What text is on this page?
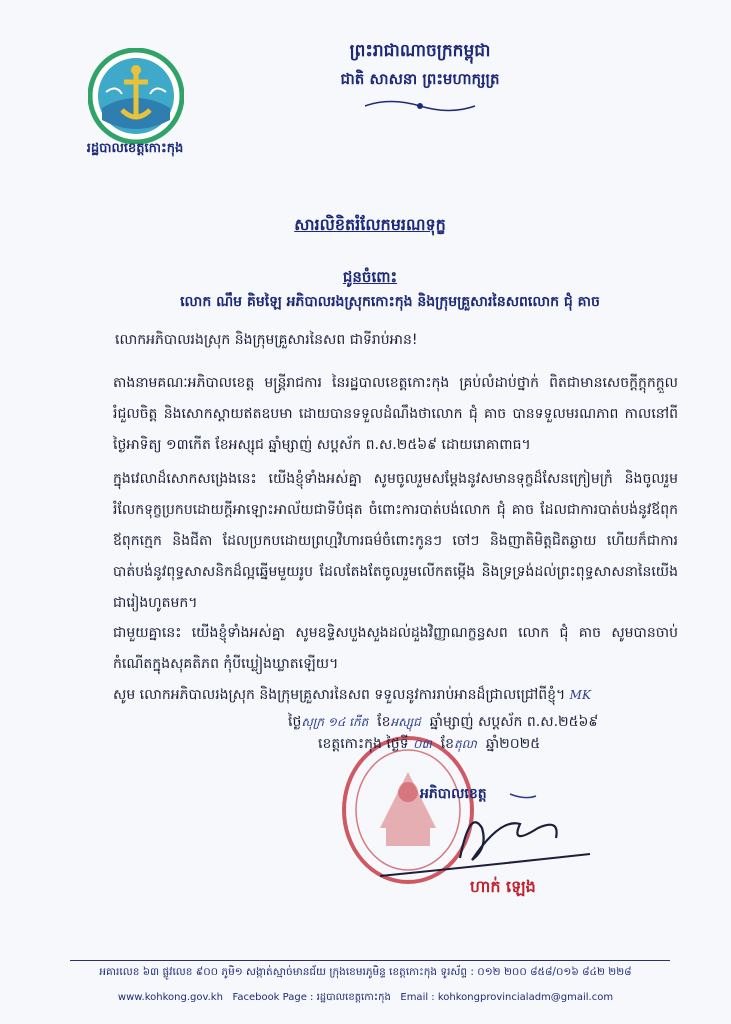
រដ្ឋបាលខេត្តកោះកុង
ព្រះរាជាណាចក្រកម្ពុជា
ជាតិ សាសនា ព្រះមហាក្សត្រ
សារលិខិតរំលែកមរណទុក្ខ
ជូនចំពោះ
លោក ណឹម គិមឡៃ អភិបាលរងស្រុកកោះកុង និងក្រុមគ្រួសារនៃសពលោក ជុំ គាច
លោកអភិបាលរងស្រុក និងក្រុមគ្រួសារនៃសព ជាទីរាប់អាន!
តាងនាមគណៈអភិបាលខេត្ត មន្រ្តីរាជការ នៃរដ្ឋបាលខេត្តកោះកុង គ្រប់លំដាប់ថ្នាក់ ពិតជាមានសេចក្តីក្តុកក្តួលរំជួលចិត្ត និងសោកស្តាយឥតឧបមា ដោយបានទទួលដំណឹងថាលោក ជុំ គាច បានទទួលមរណភាព កាលនៅពីថ្ងៃអាទិត្យ ១៣កើត ខែអស្សុជ ឆ្នាំម្សាញ់ សប្តស័ក ព.ស.២៥៦៩ ដោយរោគាពាធ។
ក្នុងវេលាដ៏សោកសង្រេងនេះ យើងខ្ញុំទាំងអស់គ្នា សូមចូលរួមសម្តែងនូវសមានទុក្ខដ៏សែនក្រៀមក្រំ និងចូលរួមរំលែកទុក្ខប្រកបដោយក្តីអាឡោះអាល័យជាទីបំផុត ចំពោះការបាត់បង់លោក ជុំ គាច ដែលជាការបាត់បង់នូវឪពុក ឪពុកក្មេក និងជីតា ដែលប្រកបដោយព្រហ្មវិហារធម៌ចំពោះកូនៗ ចៅៗ និងញាតិមិត្តជិតឆ្ងាយ ហើយក៏ជាការបាត់បង់នូវពុទ្ធសាសនិកដ៏ល្អឆ្នើមមួយរូប ដែលតែងតែចូលរួមលើកតម្កើង និងទ្រទ្រង់ដល់ព្រះពុទ្ធសាសនានៃយើងជារៀងហូតមក។
ជាមួយគ្នានេះ យើងខ្ញុំទាំងអស់គ្នា សូមឧទ្ទិសបួងសួងដល់ដួងវិញ្ញាណក្ខន្ធសព លោក ជុំ គាច សូមបានចាប់កំណើតក្នុងសុគតិភព កុំបីឃ្លៀងឃ្លាតឡើយ។
សូម លោកអភិបាលរងស្រុក និងក្រុមគ្រួសារនៃសព ទទួលនូវការរាប់អានដ៏ជ្រាលជ្រៅពីខ្ញុំ។ ΜΚ
ថ្ងៃសុក្រ ១៤ កើត ខែអស្សុជ ឆ្នាំម្សាញ់ សប្តស័ក ព.ស.២៥៦៩
ខេត្តកោះកុង ថ្ងៃទី ០៣ ខែតុលា ឆ្នាំ២០២៥
អភិបាលខេត្ត
ហាក់ ឡេង
អគារលេខ ៦៣ ផ្លូវលេខ ៩០០ ភូមិ១ សង្កាត់ស្មាច់មានជ័យ ក្រុងខេមរភូមិន្ទ ខេត្តកោះកុង ទូរស័ព្ទ : ០១២ ២០០ ៨៥៨/០១៦ ៨៤២ ២២៨
www.kohkong.gov.kh Facebook Page : រដ្ឋបាលខេត្តកោះកុង Email : kohkongprovincialadm@gmail.com
